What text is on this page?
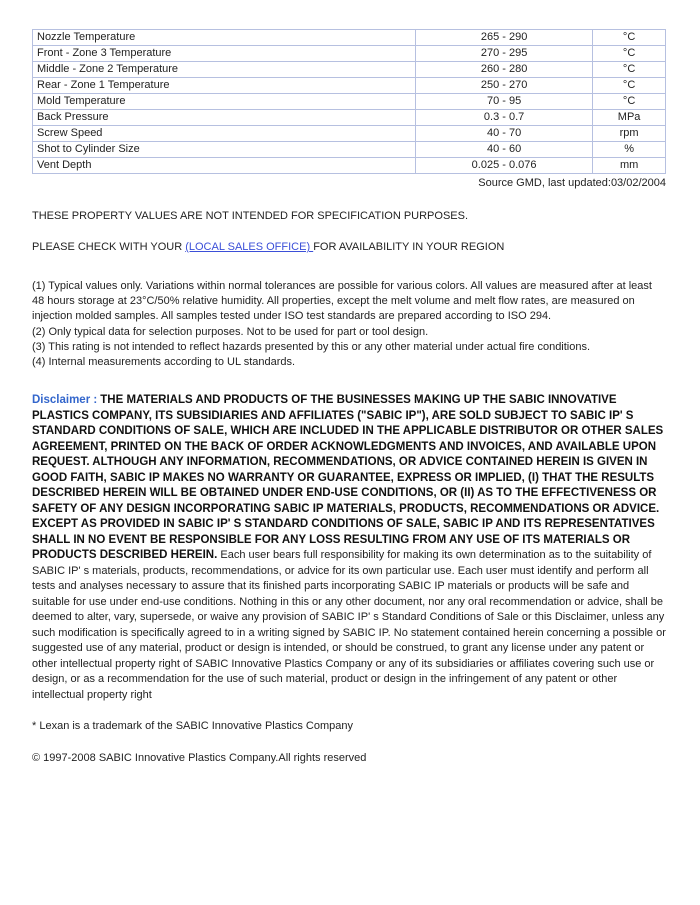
Nozzle Temperature	265 - 290	°C
Front - Zone 3 Temperature	270 - 295	°C
Middle - Zone 2 Temperature	260 - 280	°C
Rear - Zone 1 Temperature	250 - 270	°C
Mold Temperature	70 - 95	°C
Back Pressure	0.3 - 0.7	MPa
Screw Speed	40 - 70	rpm
Shot to Cylinder Size	40 - 60	%
Vent Depth	0.025 - 0.076	mm
Source GMD, last updated:03/02/2004
THESE PROPERTY VALUES ARE NOT INTENDED FOR SPECIFICATION PURPOSES.
PLEASE CHECK WITH YOUR (LOCAL SALES OFFICE) FOR AVAILABILITY IN YOUR REGION
(1) Typical values only. Variations within normal tolerances are possible for various colors. All values are measured after at least 48 hours storage at 23°C/50% relative humidity. All properties, except the melt volume and melt flow rates, are measured on injection molded samples. All samples tested under ISO test standards are prepared according to ISO 294.
(2) Only typical data for selection purposes. Not to be used for part or tool design.
(3) This rating is not intended to reflect hazards presented by this or any other material under actual fire conditions.
(4) Internal measurements according to UL standards.
Disclaimer : THE MATERIALS AND PRODUCTS OF THE BUSINESSES MAKING UP THE SABIC INNOVATIVE PLASTICS COMPANY, ITS SUBSIDIARIES AND AFFILIATES ("SABIC IP"), ARE SOLD SUBJECT TO SABIC IP' S STANDARD CONDITIONS OF SALE, WHICH ARE INCLUDED IN THE APPLICABLE DISTRIBUTOR OR OTHER SALES AGREEMENT, PRINTED ON THE BACK OF ORDER ACKNOWLEDGMENTS AND INVOICES, AND AVAILABLE UPON REQUEST. ALTHOUGH ANY INFORMATION, RECOMMENDATIONS, OR ADVICE CONTAINED HEREIN IS GIVEN IN GOOD FAITH, SABIC IP MAKES NO WARRANTY OR GUARANTEE, EXPRESS OR IMPLIED, (I) THAT THE RESULTS DESCRIBED HEREIN WILL BE OBTAINED UNDER END-USE CONDITIONS, OR (II) AS TO THE EFFECTIVENESS OR SAFETY OF ANY DESIGN INCORPORATING SABIC IP MATERIALS, PRODUCTS, RECOMMENDATIONS OR ADVICE. EXCEPT AS PROVIDED IN SABIC IP' S STANDARD CONDITIONS OF SALE, SABIC IP AND ITS REPRESENTATIVES SHALL IN NO EVENT BE RESPONSIBLE FOR ANY LOSS RESULTING FROM ANY USE OF ITS MATERIALS OR PRODUCTS DESCRIBED HEREIN. Each user bears full responsibility for making its own determination as to the suitability of SABIC IP' s materials, products, recommendations, or advice for its own particular use. Each user must identify and perform all tests and analyses necessary to assure that its finished parts incorporating SABIC IP materials or products will be safe and suitable for use under end-use conditions. Nothing in this or any other document, nor any oral recommendation or advice, shall be deemed to alter, vary, supersede, or waive any provision of SABIC IP' s Standard Conditions of Sale or this Disclaimer, unless any such modification is specifically agreed to in a writing signed by SABIC IP. No statement contained herein concerning a possible or suggested use of any material, product or design is intended, or should be construed, to grant any license under any patent or other intellectual property right of SABIC Innovative Plastics Company or any of its subsidiaries or affiliates covering such use or design, or as a recommendation for the use of such material, product or design in the infringement of any patent or other intellectual property right
* Lexan is a trademark of the SABIC Innovative Plastics Company
© 1997-2008 SABIC Innovative Plastics Company.All rights reserved
